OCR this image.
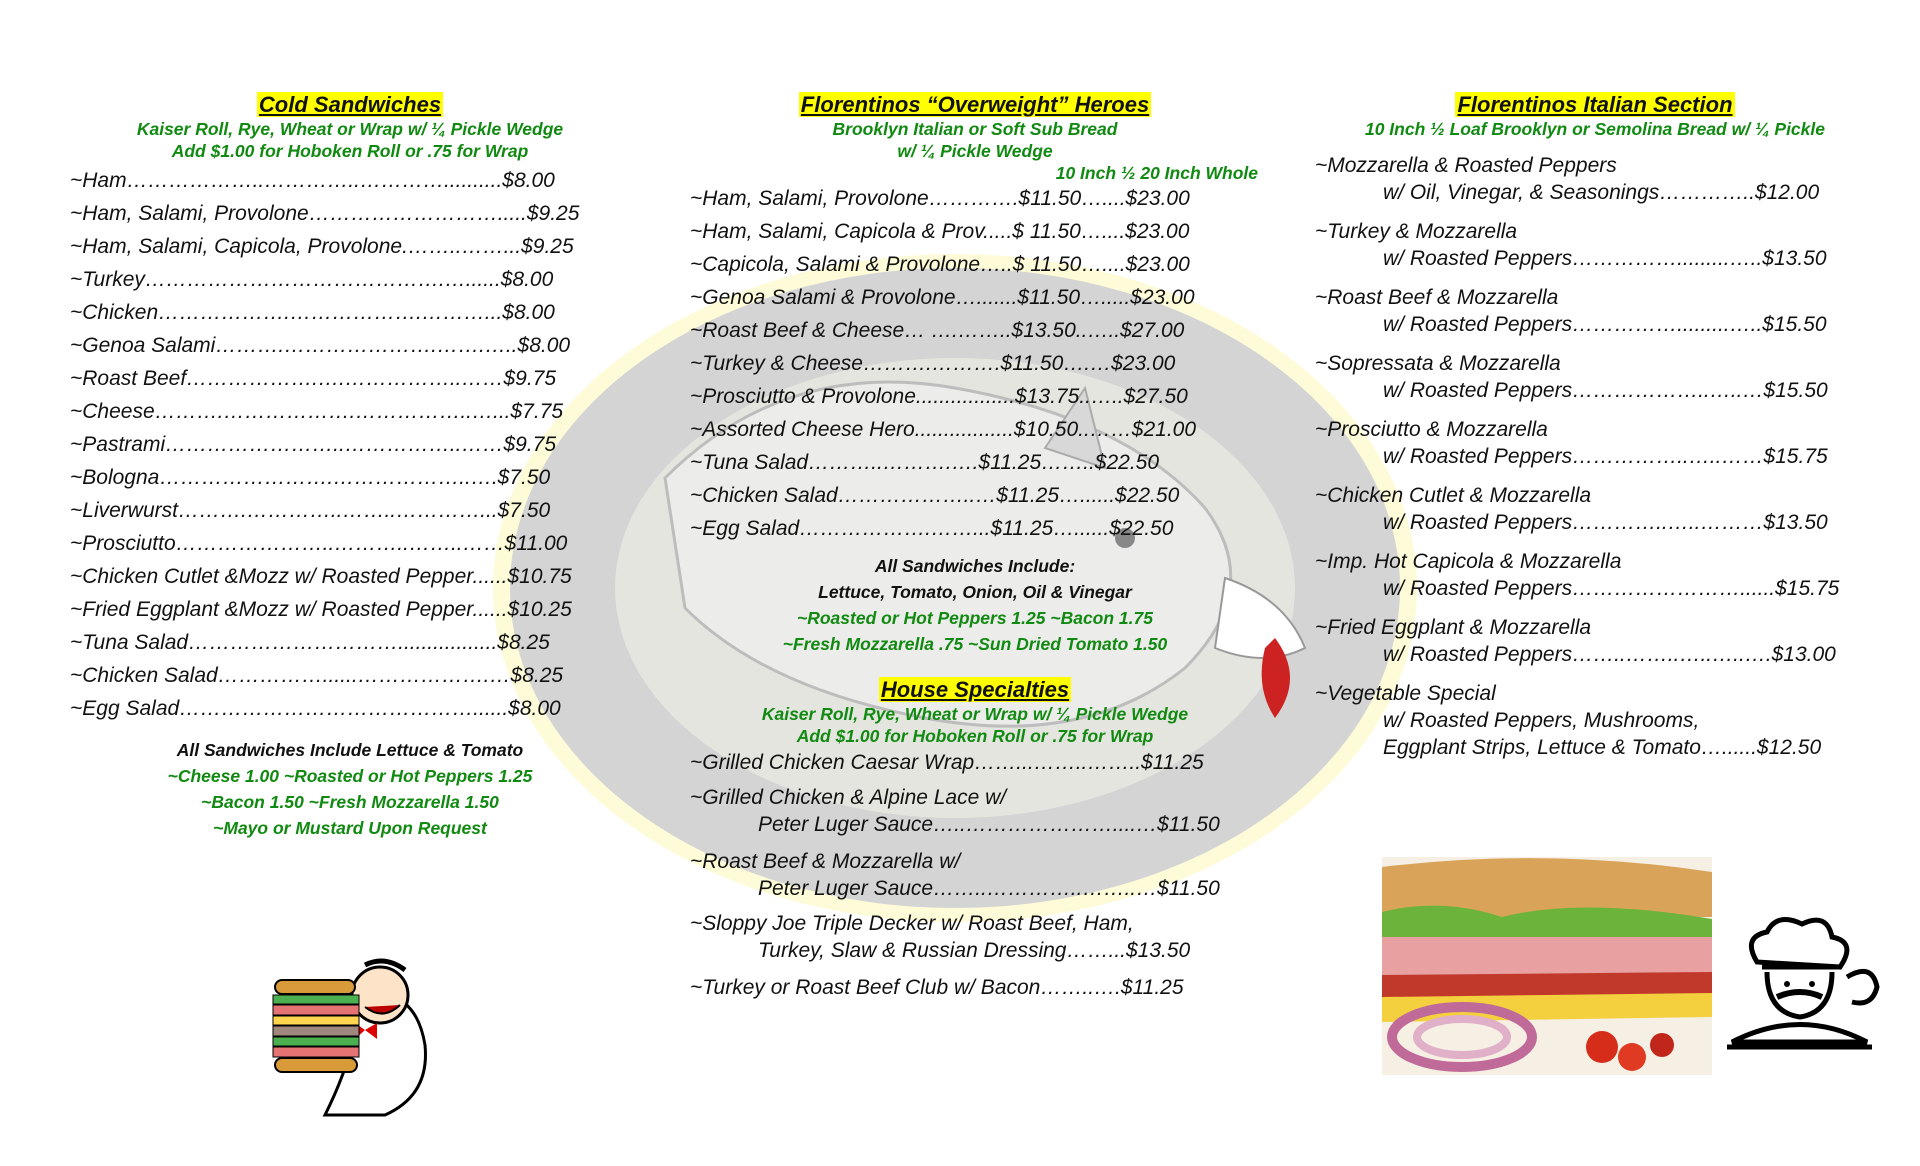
Cold Sandwiches
Kaiser Roll, Rye, Wheat or Wrap w/ ¼ Pickle Wedge
Add $1.00 for Hoboken Roll or .75 for Wrap
~Ham………………..…………..…………..........$8.00
~Ham, Salami, Provolone……………………….....$9.25
~Ham, Salami, Capicola, Provolone.……..……...$9.25
~Turkey…………………………………….…......$8.00
~Chicken……………….……………….………...$8.00
~Genoa Salami……….………………….…….…..$8.00
~Roast Beef……………….….……………..……$9.75
~Cheese……….……………….……………..…...$7.75
~Pastrami……………………..……………..……$9.75
~Bologna…………………….………………..….$7.50
~Liverwurst……….…………..……..…………...$7.50
~Prosciutto…………………..………..……..……$11.00
~Chicken Cutlet &Mozz w/ Roasted Pepper......$10.75
~Fried Eggplant &Mozz w/ Roasted Pepper......$10.25
~Tuna Salad………………………….................$8.25
~Chicken Salad……………......……………….…$8.25
~Egg Salad……………………………………......$8.00
All Sandwiches Include Lettuce & Tomato
~Cheese 1.00 ~Roasted or Hot Peppers 1.25
~Bacon 1.50 ~Fresh Mozzarella 1.50
~Mayo or Mustard Upon Request
Florentinos “Overweight” Heroes
Brooklyn Italian or Soft Sub Bread
w/ ¼ Pickle Wedge
10 Inch ½ 20 Inch Whole
~Ham, Salami, Provolone………….$11.50…....$23.00
~Ham, Salami, Capicola & Prov.....$ 11.50…....$23.00
~Capicola, Salami & Provolone…..$ 11.50…....$23.00
~Genoa Salami & Provolone….......$11.50….....$23.00
~Roast Beef & Cheese… ….……..$13.50..…..$27.00
~Turkey & Cheese……….……….$11.50….…$23.00
~Prosciutto & Provolone.................$13.75..…..$27.50
~Assorted Cheese Hero.................$10.50..……$21.00
~Tuna Salad………..……….….$11.25……..$22.50
~Chicken Salad………………..…$11.25…......$22.50
~Egg Salad……………….……...$11.25…......$22.50
All Sandwiches Include:
Lettuce, Tomato, Onion, Oil & Vinegar
~Roasted or Hot Peppers 1.25 ~Bacon 1.75
~Fresh Mozzarella .75 ~Sun Dried Tomato 1.50
House Specialties
Kaiser Roll, Rye, Wheat or Wrap w/ ¼ Pickle Wedge
Add $1.00 for Hoboken Roll or .75 for Wrap
~Grilled Chicken Caesar Wrap……...……..……..$11.25
~Grilled Chicken & Alpine Lace w/
Peter Luger Sauce…..…………………....…$11.50
~Roast Beef & Mozzarella w/
Peter Luger Sauce……..…………..……..…$11.50
~Sloppy Joe Triple Decker w/ Roast Beef, Ham,
Turkey, Slaw & Russian Dressing……...$13.50
~Turkey or Roast Beef Club w/ Bacon……..….$11.25
Florentinos Italian Section
10 Inch ½ Loaf Brooklyn or Semolina Bread w/ ¼ Pickle
~Mozzarella & Roasted Peppers
w/ Oil, Vinegar, & Seasonings…………..$12.00
~Turkey & Mozzarella
w/ Roasted Peppers…………….........…..$13.50
~Roast Beef & Mozzarella
w/ Roasted Peppers…………….........…..$15.50
~Sopressata & Mozzarella
w/ Roasted Peppers………………..…..…$15.50
~Prosciutto & Mozzarella
w/ Roasted Peppers……………..…..……$15.75
~Chicken Cutlet & Mozzarella
w/ Roasted Peppers…………..…..………$13.50
~Imp. Hot Capicola & Mozzarella
w/ Roasted Peppers……………………......$15.75
~Fried Eggplant & Mozzarella
w/ Roasted Peppers……..……..…..…..….$13.00
~Vegetable Special
w/ Roasted Peppers, Mushrooms,
Eggplant Strips, Lettuce & Tomato…......$12.50
